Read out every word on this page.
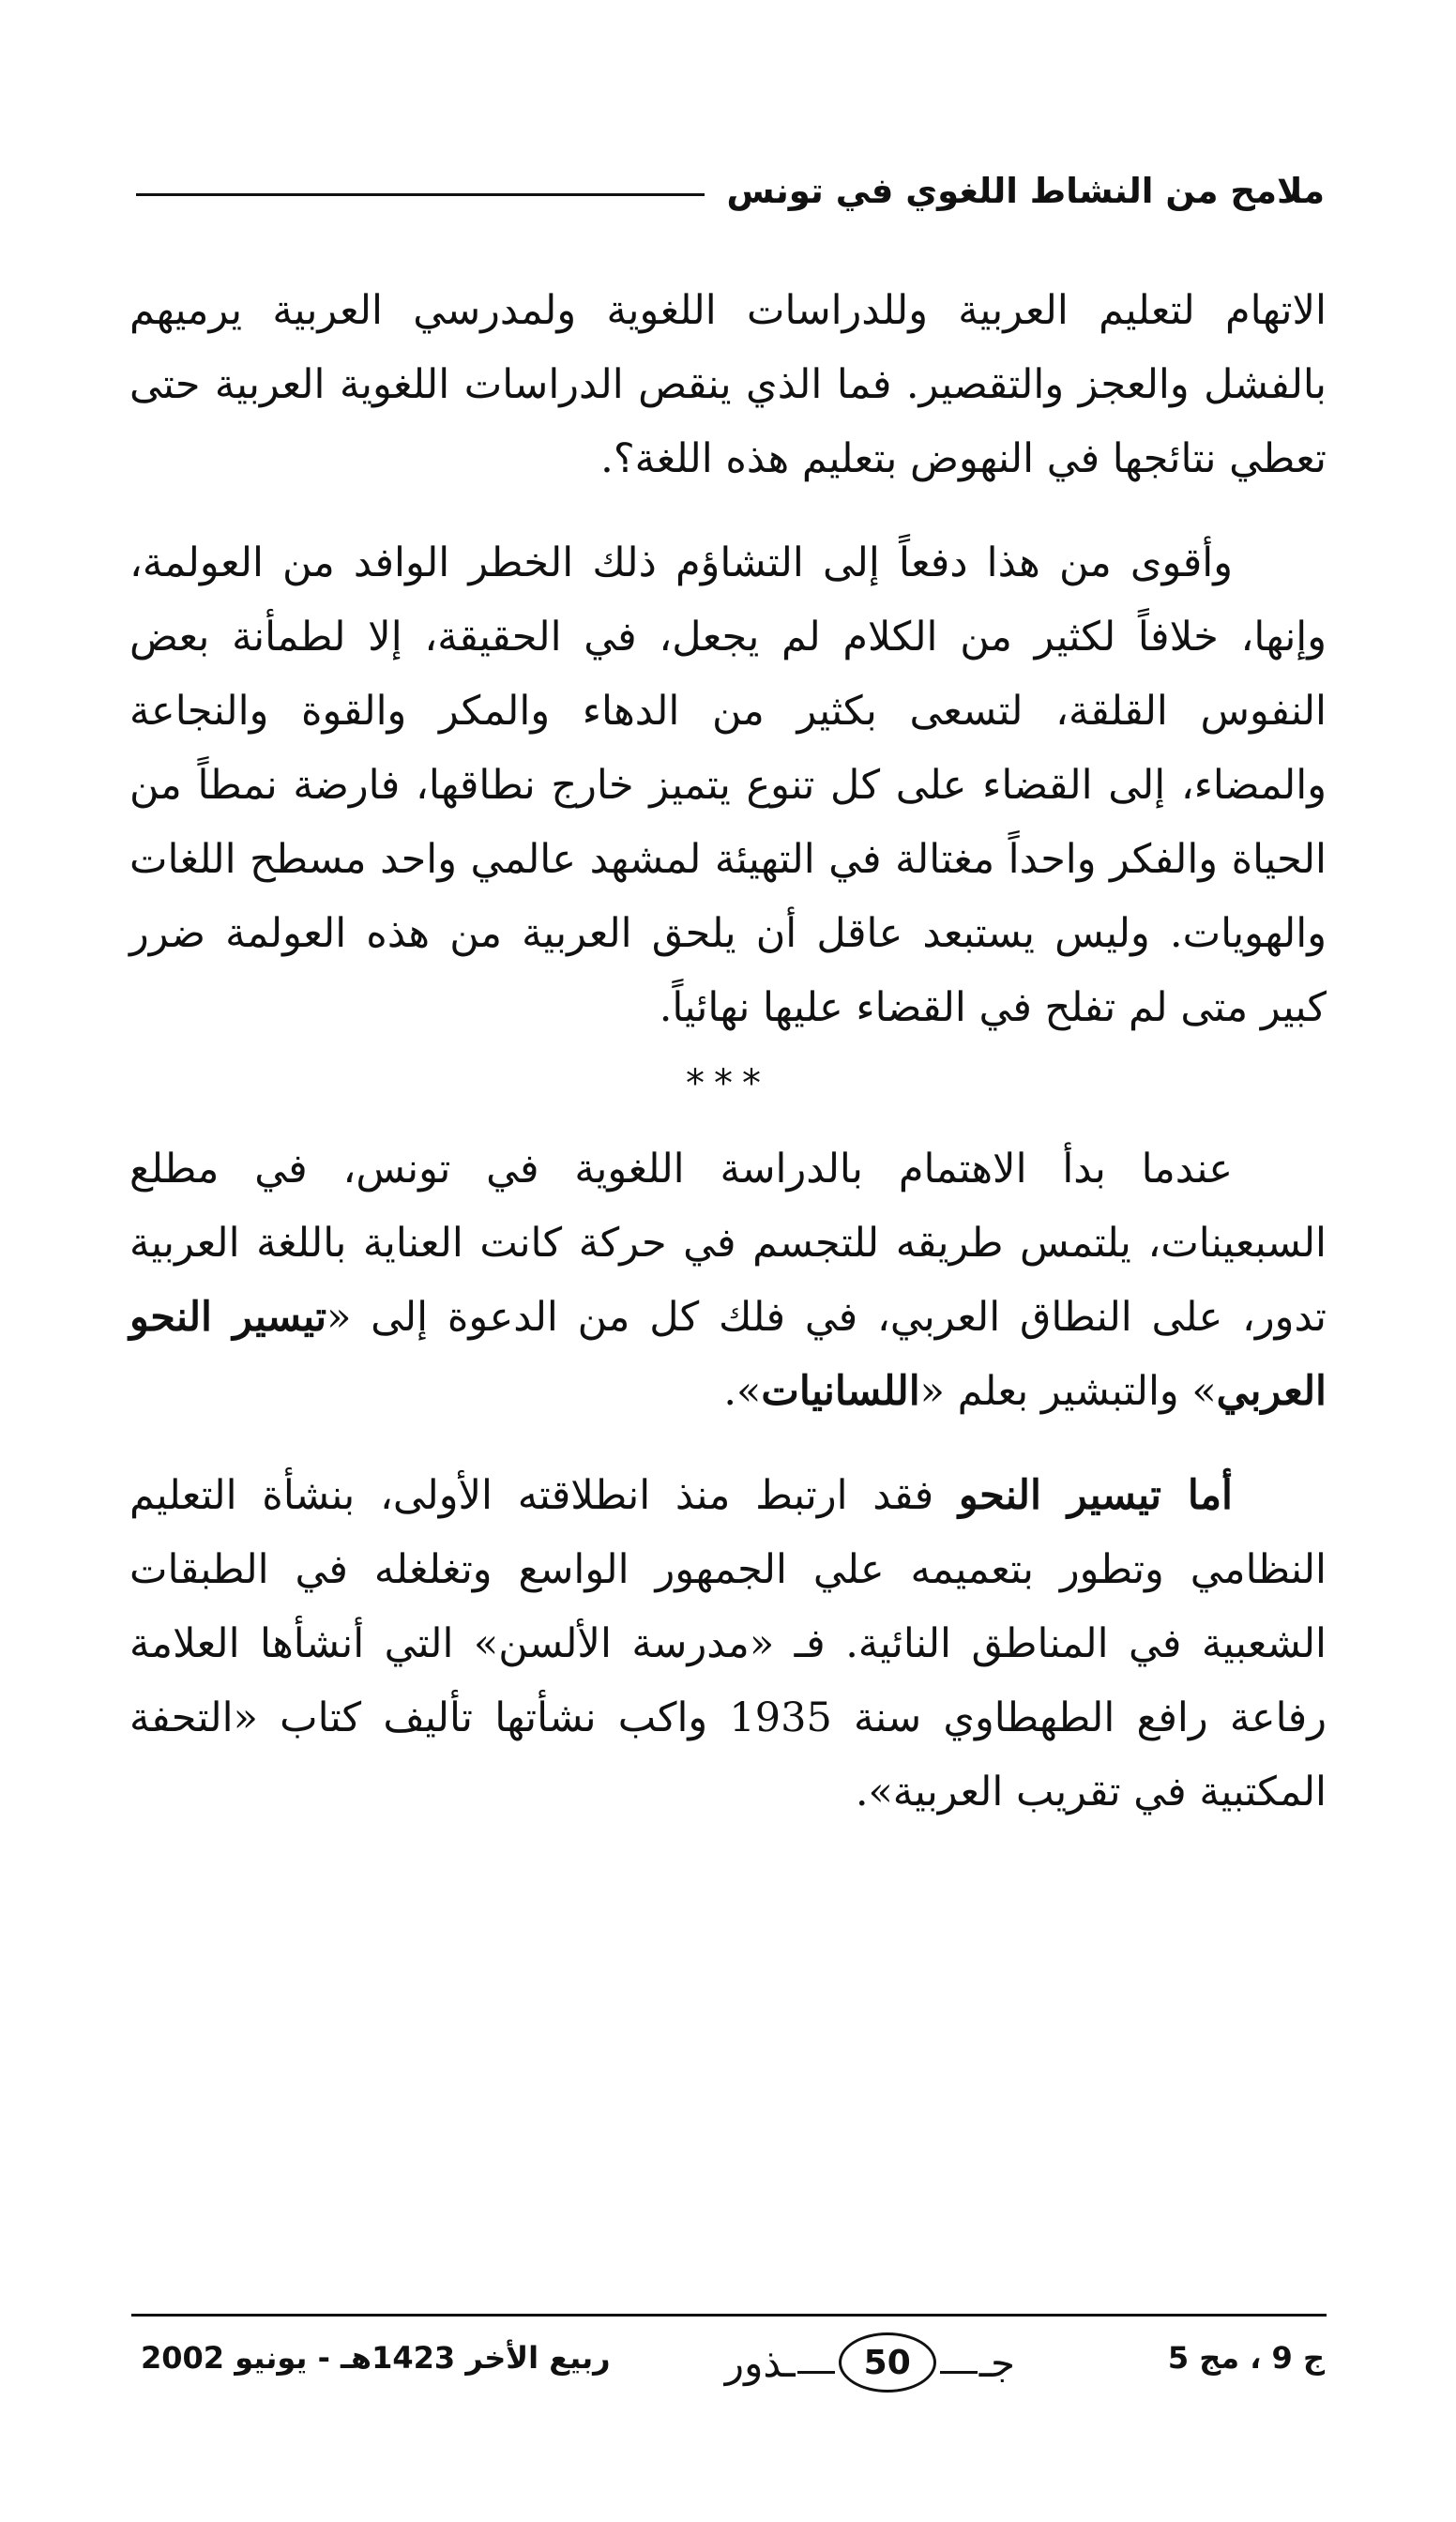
ملامح من النشاط اللغوي في تونس

الاتهام لتعليم العربية وللدراسات اللغوية ولمدرسي العربية يرميهم بالفشل والعجز والتقصير. فما الذي ينقص الدراسات اللغوية العربية حتى تعطي نتائجها في النهوض بتعليم هذه اللغة؟.

وأقوى من هذا دفعاً إلى التشاؤم ذلك الخطر الوافد من العولمة، وإنها، خلافاً لكثير من الكلام لم يجعل، في الحقيقة، إلا لطمأنة بعض النفوس القلقة، لتسعى بكثير من الدهاء والمكر والقوة والنجاعة والمضاء، إلى القضاء على كل تنوع يتميز خارج نطاقها، فارضة نمطاً من الحياة والفكر واحداً مغتالة في التهيئة لمشهد عالمي واحد مسطح اللغات والهويات. وليس يستبعد عاقل أن يلحق العربية من هذه العولمة ضرر كبير متى لم تفلح في القضاء عليها نهائياً.

***

عندما بدأ الاهتمام بالدراسة اللغوية في تونس، في مطلع السبعينات، يلتمس طريقه للتجسم في حركة كانت العناية باللغة العربية تدور، على النطاق العربي، في فلك كل من الدعوة إلى «تيسير النحو العربي» والتبشير بعلم «اللسانيات».

أما تيسير النحو فقد ارتبط منذ انطلاقته الأولى، بنشأة التعليم النظامي وتطور بتعميمه علي الجمهور الواسع وتغلغله في الطبقات الشعبية في المناطق النائية. فـ «مدرسة الألسن» التي أنشأها العلامة رفاعة رافع الطهطاوي سنة 1935 واكب نشأتها تأليف كتاب «التحفة المكتبية في تقريب العربية».

ج 9 ، مج 5
جـ
50
ـذور
ربيع الأخر 1423هـ - يونيو 2002
